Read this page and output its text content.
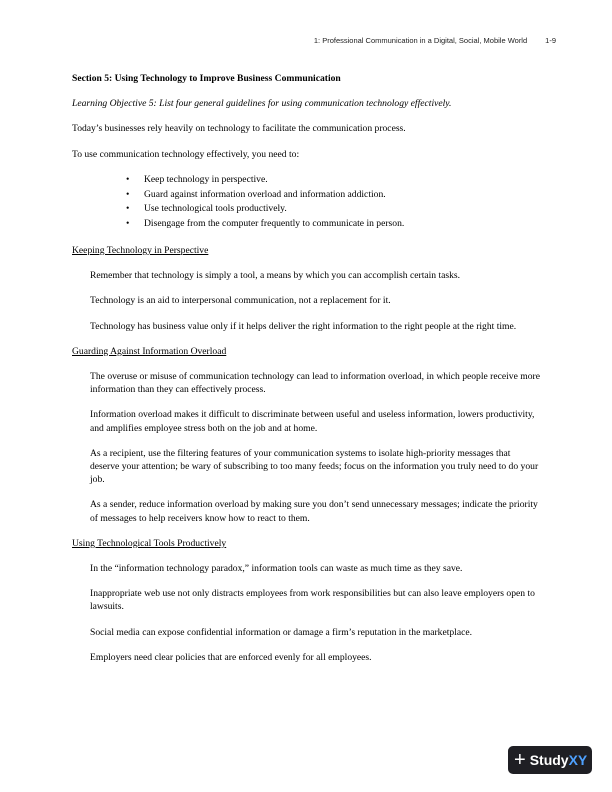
1: Professional Communication in a Digital, Social, Mobile World 1-9
Section 5: Using Technology to Improve Business Communication
Learning Objective 5: List four general guidelines for using communication technology effectively.

Today’s businesses rely heavily on technology to facilitate the communication process.

To use communication technology effectively, you need to:

• Keep technology in perspective.
• Guard against information overload and information addiction.
• Use technological tools productively.
• Disengage from the computer frequently to communicate in person.
Keeping Technology in Perspective
Remember that technology is simply a tool, a means by which you can accomplish certain tasks.
Technology is an aid to interpersonal communication, not a replacement for it.
Technology has business value only if it helps deliver the right information to the right people at the right time.
Guarding Against Information Overload
The overuse or misuse of communication technology can lead to information overload, in which people receive more information than they can effectively process.
Information overload makes it difficult to discriminate between useful and useless information, lowers productivity, and amplifies employee stress both on the job and at home.
As a recipient, use the filtering features of your communication systems to isolate high-priority messages that deserve your attention; be wary of subscribing to too many feeds; focus on the information you truly need to do your job.
As a sender, reduce information overload by making sure you don’t send unnecessary messages; indicate the priority of messages to help receivers know how to react to them.
Using Technological Tools Productively
In the “information technology paradox,” information tools can waste as much time as they save.
Inappropriate web use not only distracts employees from work responsibilities but can also leave employers open to lawsuits.
Social media can expose confidential information or damage a firm’s reputation in the marketplace.
Employers need clear policies that are enforced evenly for all employees.
+ Study XY
